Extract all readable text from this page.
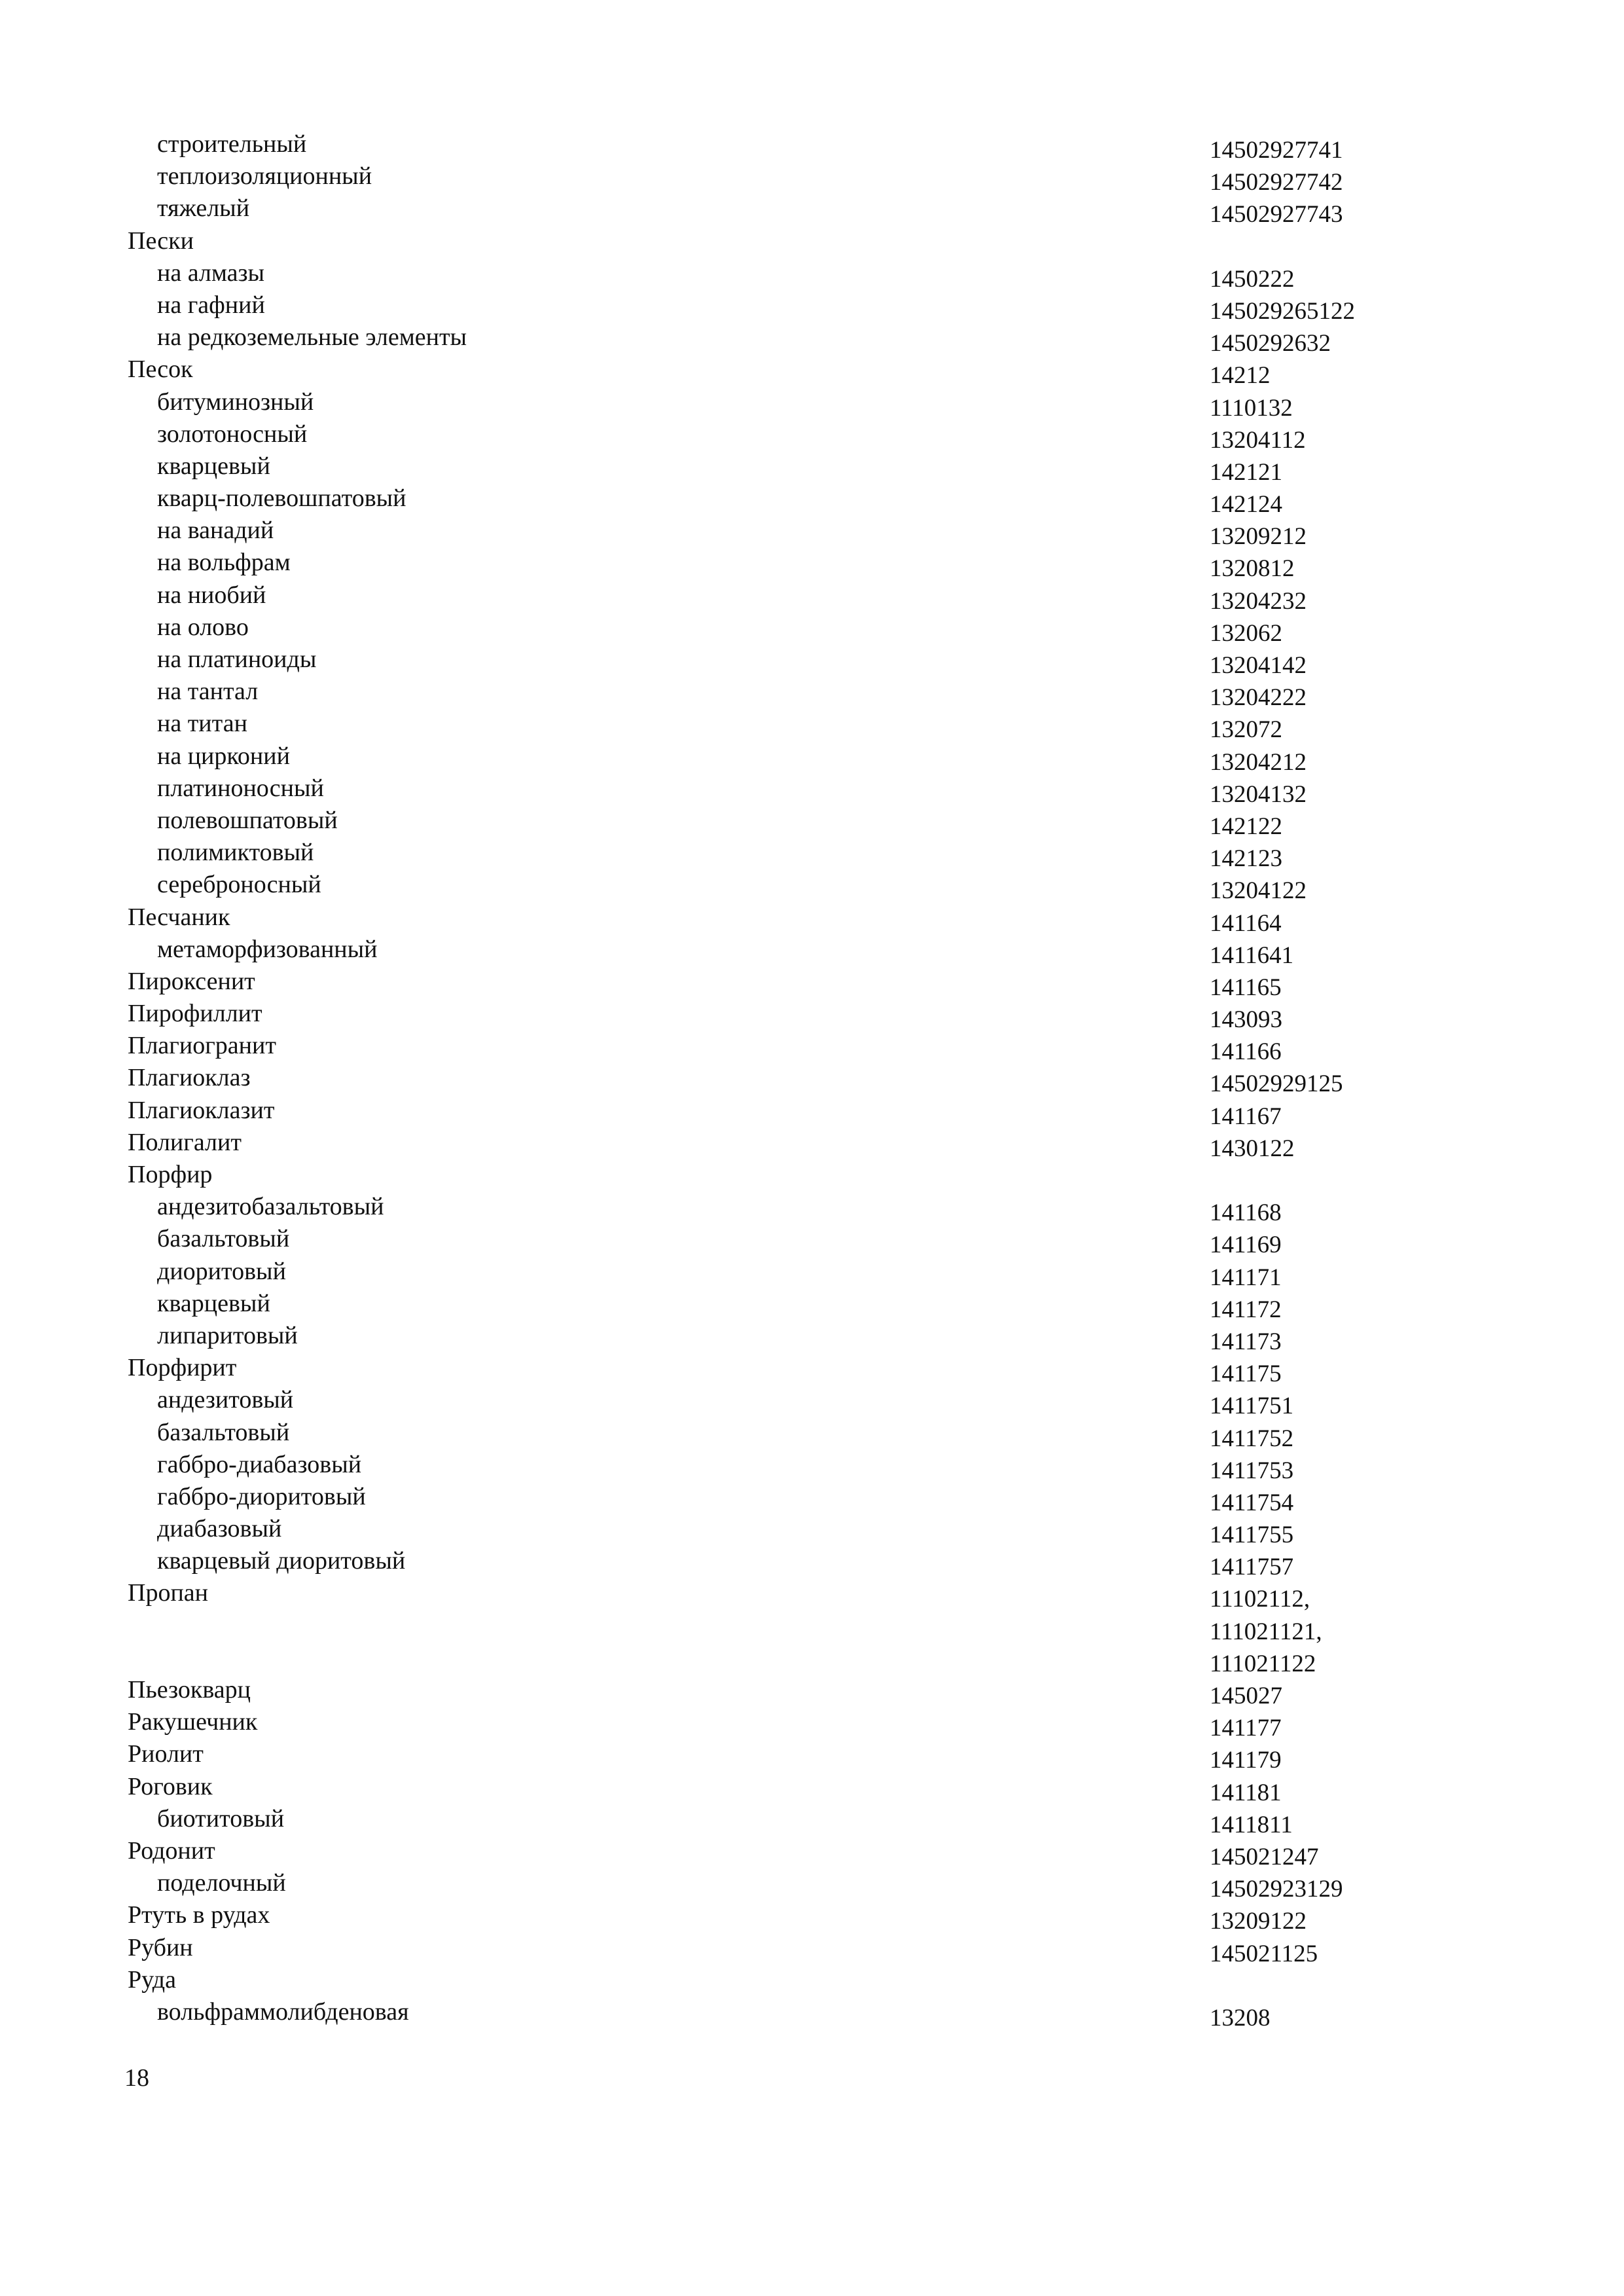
строительный	14502927741
теплоизоляционный	14502927742
тяжелый	14502927743
Пески
на алмазы	1450222
на гафний	145029265122
на редкоземельные элементы	1450292632
Песок	14212
битуминозный	1110132
золотоносный	13204112
кварцевый	142121
кварц-полевошпатовый	142124
на ванадий	13209212
на вольфрам	1320812
на ниобий	13204232
на олово	132062
на платиноиды	13204142
на тантал	13204222
на титан	132072
на цирконий	13204212
платиноносный	13204132
полевошпатовый	142122
полимиктовый	142123
сереброносный	13204122
Песчаник	141164
метаморфизованный	1411641
Пироксенит	141165
Пирофиллит	143093
Плагиогранит	141166
Плагиоклаз	14502929125
Плагиоклазит	141167
Полигалит	1430122
Порфир
андезитобазальтовый	141168
базальтовый	141169
диоритовый	141171
кварцевый	141172
липаритовый	141173
Порфирит	141175
андезитовый	1411751
базальтовый	1411752
габбро-диабазовый	1411753
габбро-диоритовый	1411754
диабазовый	1411755
кварцевый диоритовый	1411757
Пропан	11102112,
111021121,
111021122
Пьезокварц	145027
Ракушечник	141177
Риолит	141179
Роговик	141181
биотитовый	1411811
Родонит	145021247
поделочный	14502923129
Ртуть в рудах	13209122
Рубин	145021125
Руда
вольфраммолибденовая	13208
18
